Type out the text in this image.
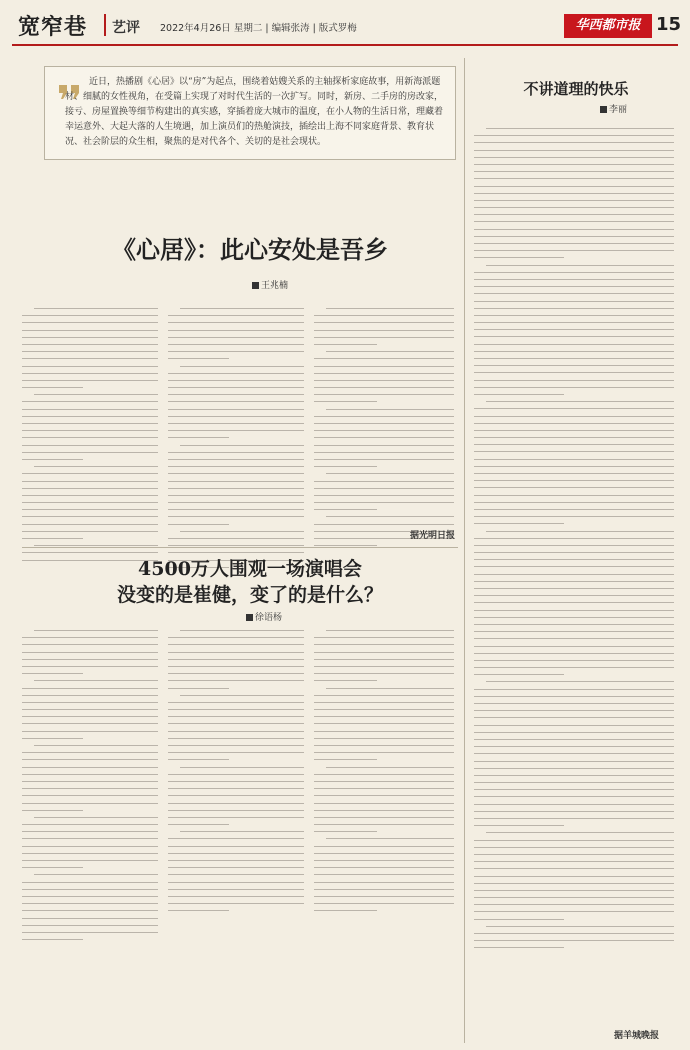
宽窄巷 艺评 2022年4月26日 星期二 | 编辑张涛 | 版式罗梅	华西都市报 15
近日，热播剧《心居》以“房”为起点，围绕着姑嫂关系的主轴探析家庭故事，用新海派题材、细腻的女性视角，在受篇上实现了对时代生活的一次扩写。同时，新房、二手房的房改家，接亏、房屋置换等细节构建出的真实感，穿插着庞大城市的温度，在小人物的生活日常，理藏着幸运意外、大起大落的人生境遇，加上演员们的热舱演技，插绘出上海不同家庭背景、教育状况、社会阶层的众生相，聚焦的是对代各个、关切的是社会现状。
《心居》：此心安处是吾乡
王兆楠
据光明日报
4500万人围观一场演唱会
没变的是崔健，变了的是什么？
徐语杨
不讲道理的快乐
李丽
据羊城晚报
